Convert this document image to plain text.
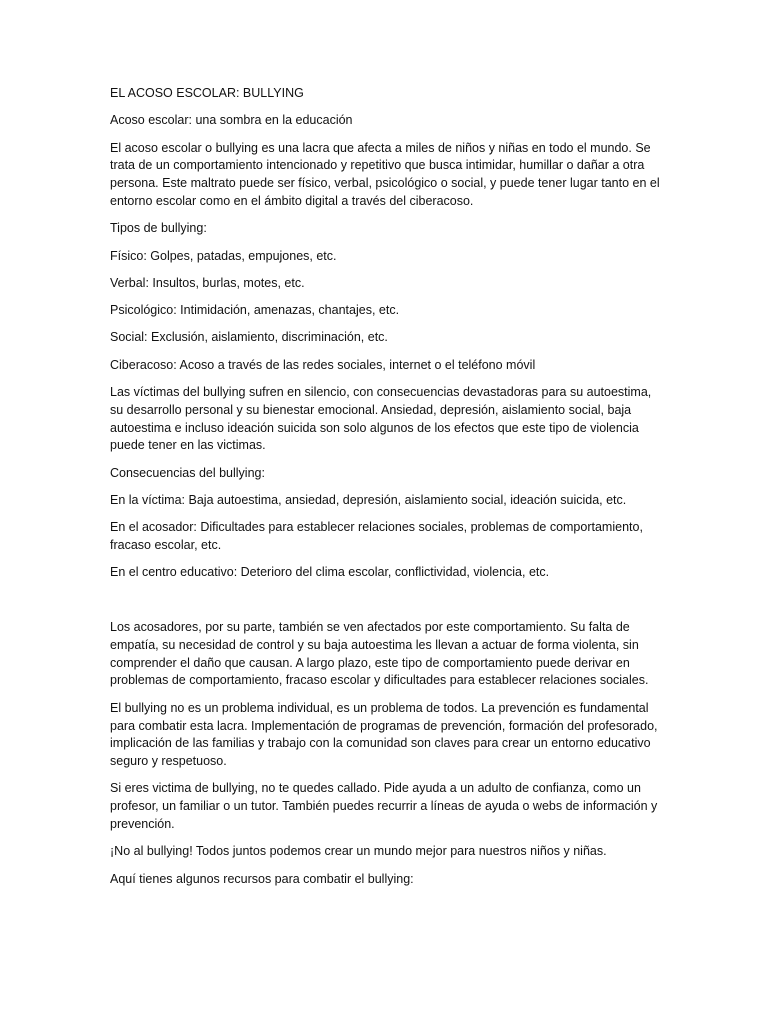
EL ACOSO ESCOLAR: BULLYING

Acoso escolar: una sombra en la educación

El acoso escolar o bullying es una lacra que afecta a miles de niños y niñas en todo el mundo. Se trata de un comportamiento intencionado y repetitivo que busca intimidar, humillar o dañar a otra persona. Este maltrato puede ser físico, verbal, psicológico o social, y puede tener lugar tanto en el entorno escolar como en el ámbito digital a través del ciberacoso.

Tipos de bullying:

Físico: Golpes, patadas, empujones, etc.

Verbal: Insultos, burlas, motes, etc.

Psicológico: Intimidación, amenazas, chantajes, etc.

Social: Exclusión, aislamiento, discriminación, etc.

Ciberacoso: Acoso a través de las redes sociales, internet o el teléfono móvil

Las víctimas del bullying sufren en silencio, con consecuencias devastadoras para su autoestima, su desarrollo personal y su bienestar emocional. Ansiedad, depresión, aislamiento social, baja autoestima e incluso ideación suicida son solo algunos de los efectos que este tipo de violencia puede tener en las victimas.

Consecuencias del bullying:

En la víctima: Baja autoestima, ansiedad, depresión, aislamiento social, ideación suicida, etc.

En el acosador: Dificultades para establecer relaciones sociales, problemas de comportamiento, fracaso escolar, etc.

En el centro educativo: Deterioro del clima escolar, conflictividad, violencia, etc.

Los acosadores, por su parte, también se ven afectados por este comportamiento. Su falta de empatía, su necesidad de control y su baja autoestima les llevan a actuar de forma violenta, sin comprender el daño que causan. A largo plazo, este tipo de comportamiento puede derivar en problemas de comportamiento, fracaso escolar y dificultades para establecer relaciones sociales.

El bullying no es un problema individual, es un problema de todos. La prevención es fundamental para combatir esta lacra. Implementación de programas de prevención, formación del profesorado, implicación de las familias y trabajo con la comunidad son claves para crear un entorno educativo seguro y respetuoso.

Si eres victima de bullying, no te quedes callado. Pide ayuda a un adulto de confianza, como un profesor, un familiar o un tutor. También puedes recurrir a líneas de ayuda o webs de información y prevención.

¡No al bullying! Todos juntos podemos crear un mundo mejor para nuestros niños y niñas.

Aquí tienes algunos recursos para combatir el bullying:
